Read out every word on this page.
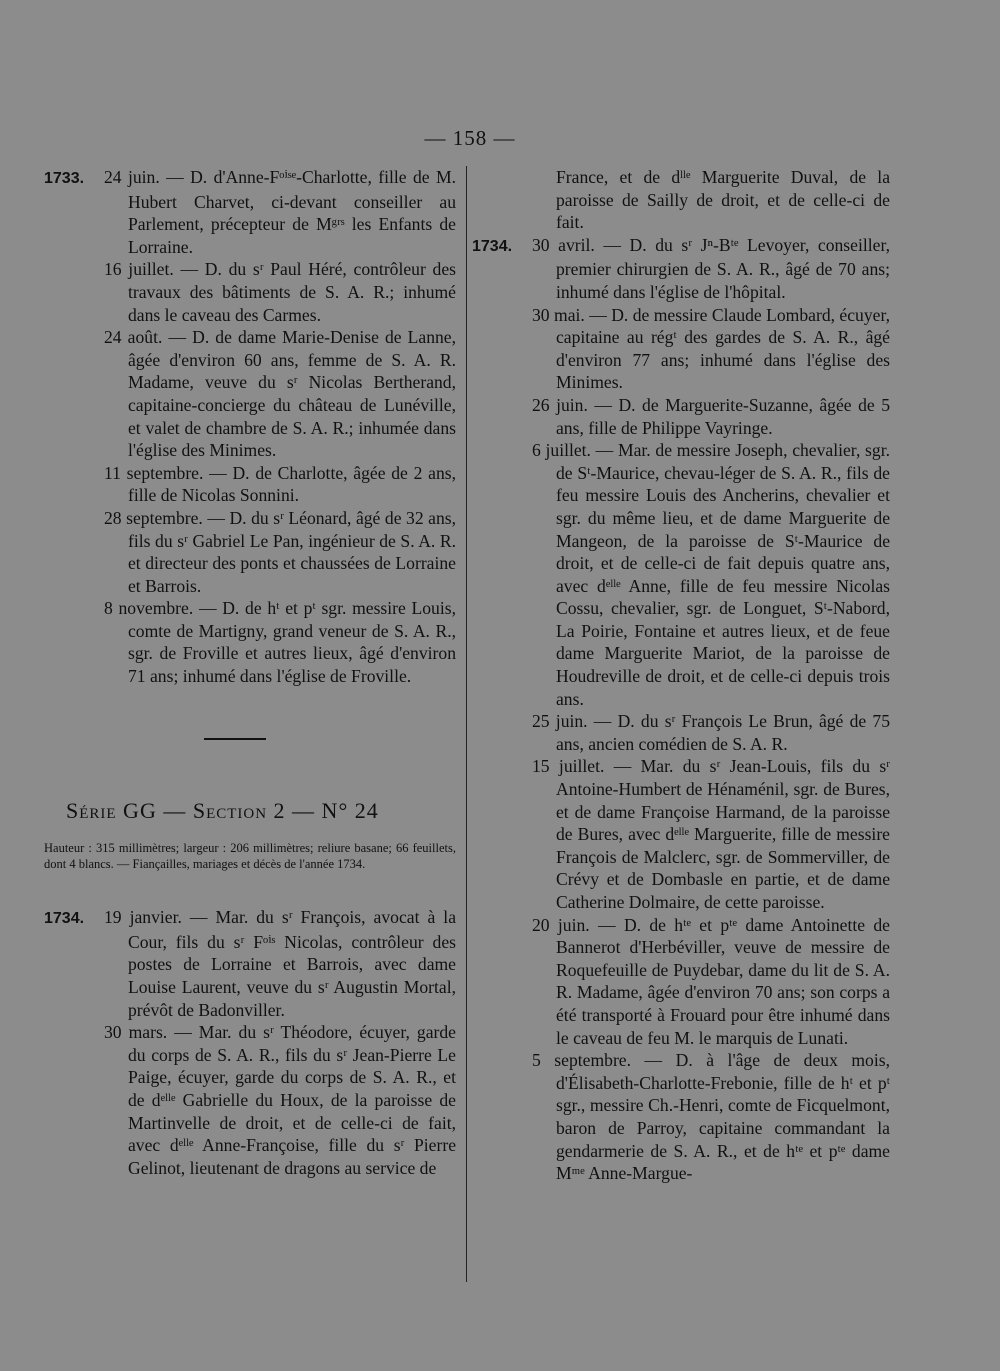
— 158 —

1733. 24 juin. — D. d'Anne-Fᵒⁱˢᵉ-Charlotte, fille de M. Hubert Charvet, ci-devant conseiller au Parlement, précepteur de Mᵍʳˢ les Enfants de Lorraine.

16 juillet. — D. du sʳ Paul Héré, contrôleur des travaux des bâtiments de S. A. R.; inhumé dans le caveau des Carmes.

24 août. — D. de dame Marie-Denise de Lanne, âgée d'environ 60 ans, femme de S. A. R. Madame, veuve du sʳ Nicolas Bertherand, capitaine-concierge du château de Lunéville, et valet de chambre de S. A. R.; inhumée dans l'église des Minimes.

11 septembre. — D. de Charlotte, âgée de 2 ans, fille de Nicolas Sonnini.

28 septembre. — D. du sʳ Léonard, âgé de 32 ans, fils du sʳ Gabriel Le Pan, ingénieur de S. A. R. et directeur des ponts et chaussées de Lorraine et Barrois.

8 novembre. — D. de hᵗ et pᵗ sgr. messire Louis, comte de Martigny, grand veneur de S. A. R., sgr. de Froville et autres lieux, âgé d'environ 71 ans; inhumé dans l'église de Froville.

Série GG — Section 2 — N° 24

Hauteur : 315 millimètres; largeur : 206 millimètres; reliure basane; 66 feuillets, dont 4 blancs. — Fiançailles, mariages et décès de l'année 1734.

1734. 19 janvier. — Mar. du sʳ François, avocat à la Cour, fils du sʳ Fᵒⁱˢ Nicolas, contrôleur des postes de Lorraine et Barrois, avec dame Louise Laurent, veuve du sʳ Augustin Mortal, prévôt de Badonviller.

30 mars. — Mar. du sʳ Théodore, écuyer, garde du corps de S. A. R., fils du sʳ Jean-Pierre Le Paige, écuyer, garde du corps de S. A. R., et de dᵉˡˡᵉ Gabrielle du Houx, de la paroisse de Martinvelle de droit, et de celle-ci de fait, avec dᵉˡˡᵉ Anne-Françoise, fille du sʳ Pierre Gelinot, lieutenant de dragons au service de

France, et de dˡˡᵉ Marguerite Duval, de la paroisse de Sailly de droit, et de celle-ci de fait.

1734. 30 avril. — D. du sʳ Jⁿ-Bᵗᵉ Levoyer, conseiller, premier chirurgien de S. A. R., âgé de 70 ans; inhumé dans l'église de l'hôpital.

30 mai. — D. de messire Claude Lombard, écuyer, capitaine au régᵗ des gardes de S. A. R., âgé d'environ 77 ans; inhumé dans l'église des Minimes.

26 juin. — D. de Marguerite-Suzanne, âgée de 5 ans, fille de Philippe Vayringe.

6 juillet. — Mar. de messire Joseph, chevalier, sgr. de Sᵗ-Maurice, chevau-léger de S. A. R., fils de feu messire Louis des Ancherins, chevalier et sgr. du même lieu, et de dame Marguerite de Mangeon, de la paroisse de Sᵗ-Maurice de droit, et de celle-ci de fait depuis quatre ans, avec dᵉˡˡᵉ Anne, fille de feu messire Nicolas Cossu, chevalier, sgr. de Longuet, Sᵗ-Nabord, La Poirie, Fontaine et autres lieux, et de feue dame Marguerite Mariot, de la paroisse de Houdreville de droit, et de celle-ci depuis trois ans.

25 juin. — D. du sʳ François Le Brun, âgé de 75 ans, ancien comédien de S. A. R.

15 juillet. — Mar. du sʳ Jean-Louis, fils du sʳ Antoine-Humbert de Hénaménil, sgr. de Bures, et de dame Françoise Harmand, de la paroisse de Bures, avec dᵉˡˡᵉ Marguerite, fille de messire François de Malclerc, sgr. de Sommerviller, de Crévy et de Dombasle en partie, et de dame Catherine Dolmaire, de cette paroisse.

20 juin. — D. de hᵗᵉ et pᵗᵉ dame Antoinette de Bannerot d'Herbéviller, veuve de messire de Roquefeuille de Puydebar, dame du lit de S. A. R. Madame, âgée d'environ 70 ans; son corps a été transporté à Frouard pour être inhumé dans le caveau de feu M. le marquis de Lunati.

5 septembre. — D. à l'âge de deux mois, d'Élisabeth-Charlotte-Frebonie, fille de hᵗ et pᵗ sgr., messire Ch.-Henri, comte de Ficquelmont, baron de Parroy, capitaine commandant la gendarmerie de S. A. R., et de hᵗᵉ et pᵗᵉ dame Mᵐᵉ Anne-Margue-
